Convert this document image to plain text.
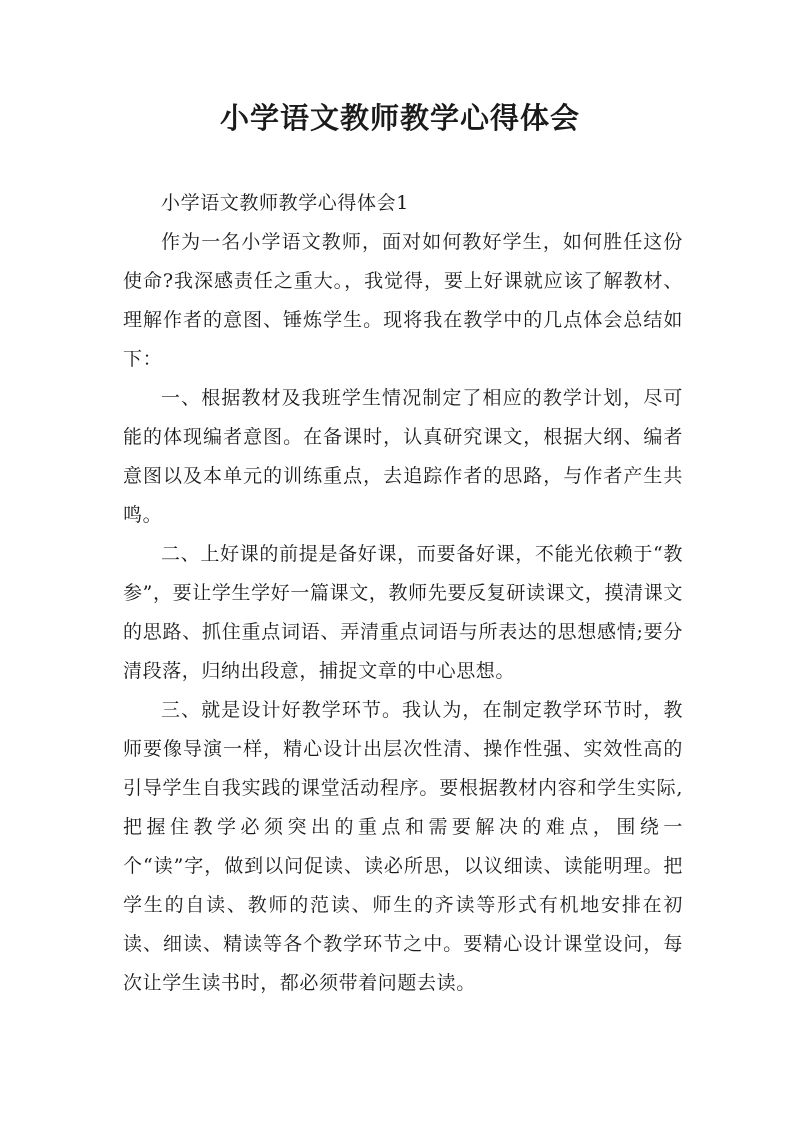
小学语文教师教学心得体会

小学语文教师教学心得体会1

作为一名小学语文教师，面对如何教好学生，如何胜任这份使命?我深感责任之重大。，我觉得，要上好课就应该了解教材、理解作者的意图、锤炼学生。现将我在教学中的几点体会总结如下：

一、根据教材及我班学生情况制定了相应的教学计划，尽可能的体现编者意图。在备课时，认真研究课文，根据大纲、编者意图以及本单元的训练重点，去追踪作者的思路，与作者产生共鸣。

二、上好课的前提是备好课，而要备好课，不能光依赖于“教参”，要让学生学好一篇课文，教师先要反复研读课文，摸清课文的思路、抓住重点词语、弄清重点词语与所表达的思想感情;要分清段落，归纳出段意，捕捉文章的中心思想。

三、就是设计好教学环节。我认为，在制定教学环节时，教师要像导演一样，精心设计出层次性清、操作性强、实效性高的引导学生自我实践的课堂活动程序。要根据教材内容和学生实际,把握住教学必须突出的重点和需要解决的难点，围绕一个“读”字，做到以问促读、读必所思，以议细读、读能明理。把学生的自读、教师的范读、师生的齐读等形式有机地安排在初读、细读、精读等各个教学环节之中。要精心设计课堂设问，每次让学生读书时，都必须带着问题去读。
